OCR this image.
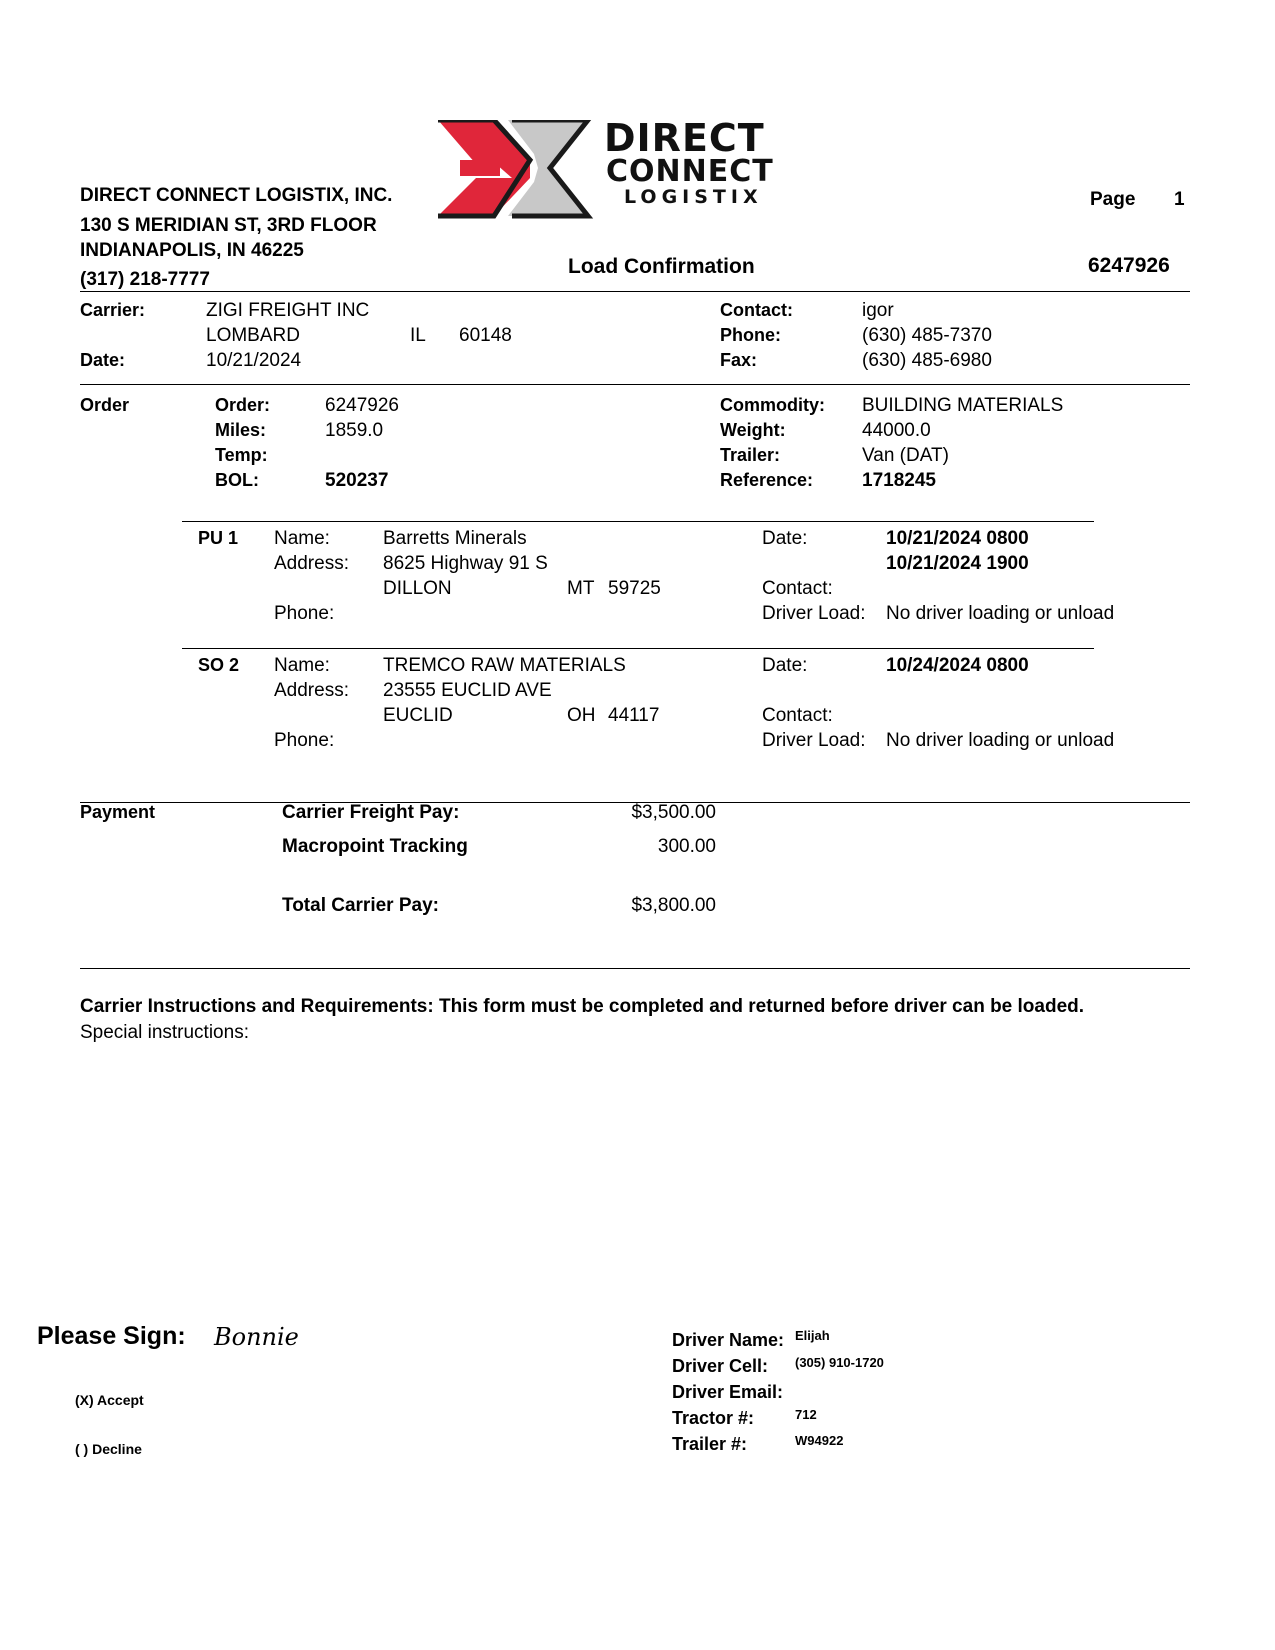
DIRECT
CONNECT
LOGISTIX
DIRECT CONNECT LOGISTIX, INC.
130 S MERIDIAN ST, 3RD FLOOR
INDIANAPOLIS, IN 46225
(317) 218-7777
Page 1
Load Confirmation	6247926
Carrier:	ZIGI FREIGHT INC
LOMBARD	IL 60148
Date:	10/21/2024
Contact:	igor
Phone:	(630) 485-7370
Fax:	(630) 485-6980
Order	Order:	6247926
Miles:	1859.0
Temp:
BOL:	520237
Commodity: BUILDING MATERIALS
Weight:	44000.0
Trailer:	Van (DAT)
Reference:	1718245
PU 1 Name:	Barretts Minerals
Address: 8625 Highway 91 S
DILLON	MT 59725
Phone:
Date:	10/21/2024 0800
10/21/2024 1900
Contact:
Driver Load: No driver loading or unload
SO 2 Name:	TREMCO RAW MATERIALS
Address: 23555 EUCLID AVE
EUCLID	OH 44117
Phone:
Date:	10/24/2024 0800
Contact:
Driver Load: No driver loading or unload
Payment	Carrier Freight Pay:	$3,500.00
Macropoint Tracking	300.00
Total Carrier Pay:	$3,800.00
Carrier Instructions and Requirements: This form must be completed and returned before driver can be loaded.
Special instructions:
Please Sign: Bonnie
(X) Accept
( ) Decline
Driver Name: Elijah
Driver Cell: (305) 910-1720
Driver Email:
Tractor #:	712
Trailer #:	W94922
